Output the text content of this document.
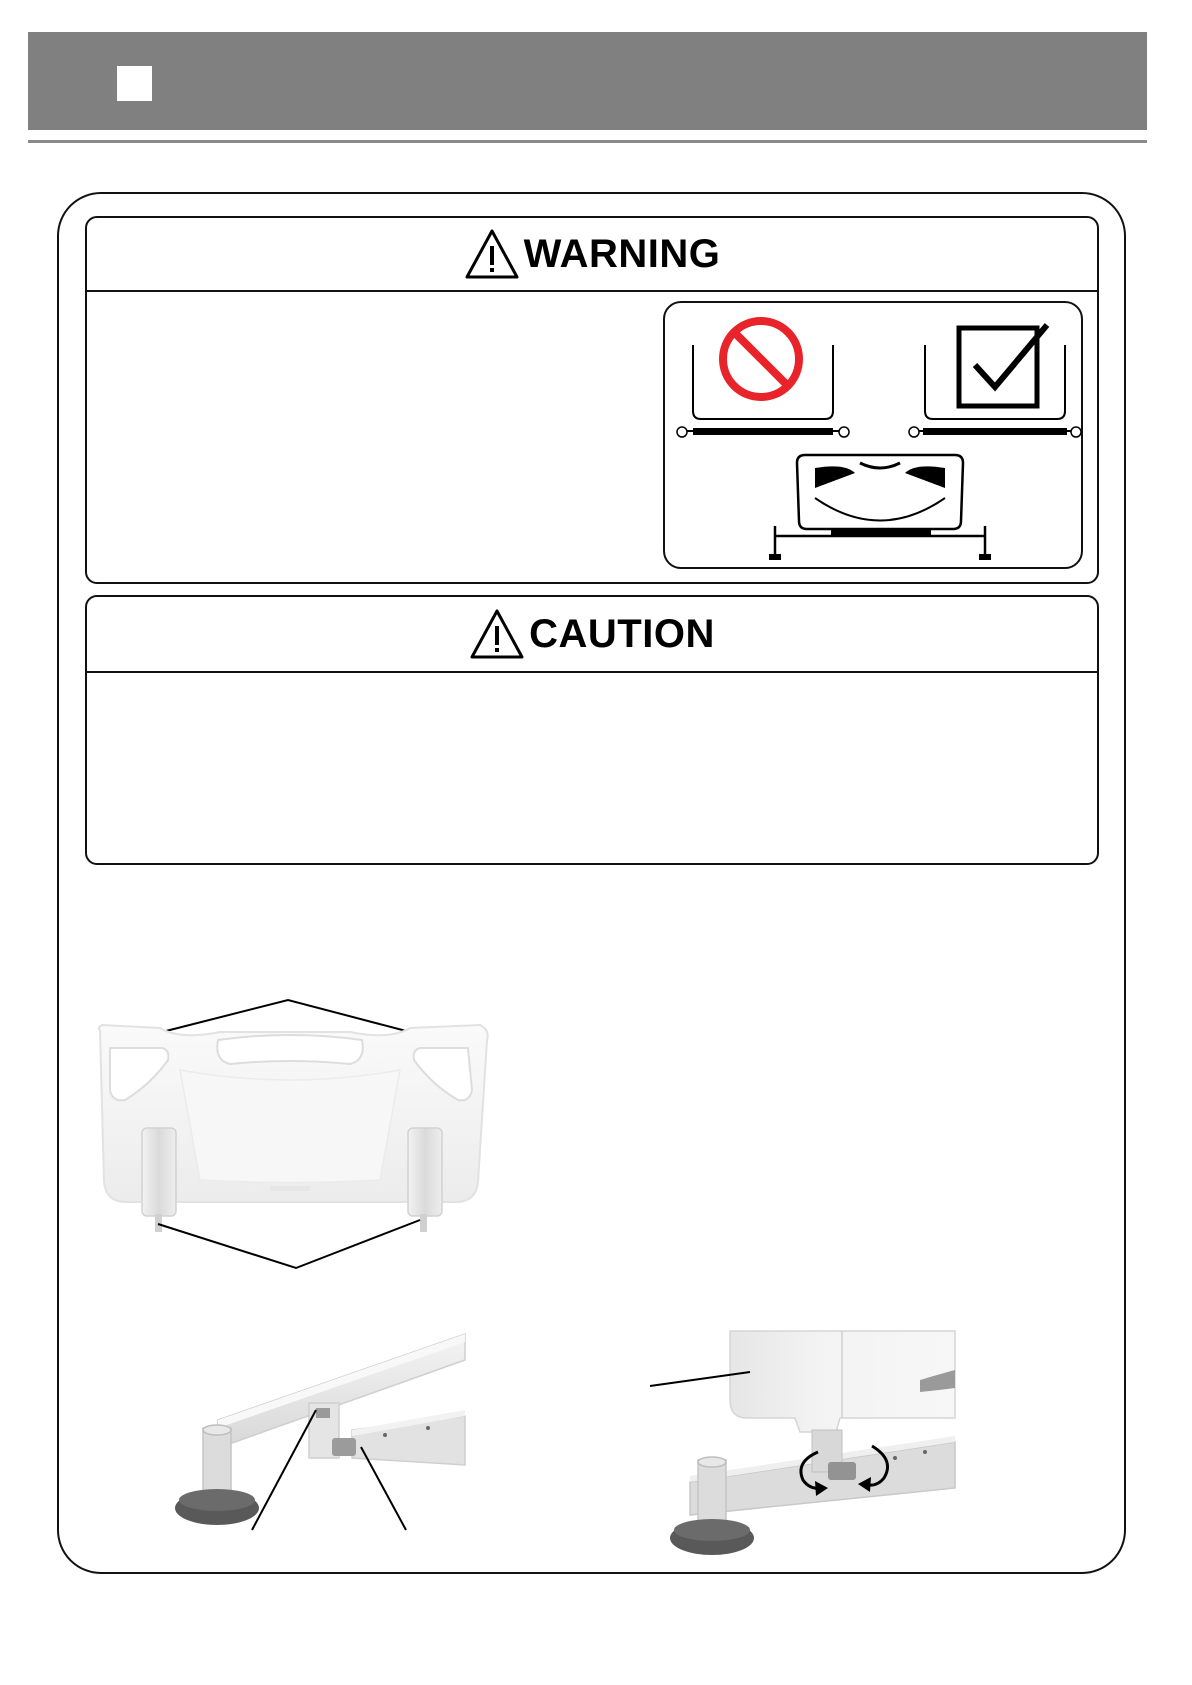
WARNING
CAUTION
